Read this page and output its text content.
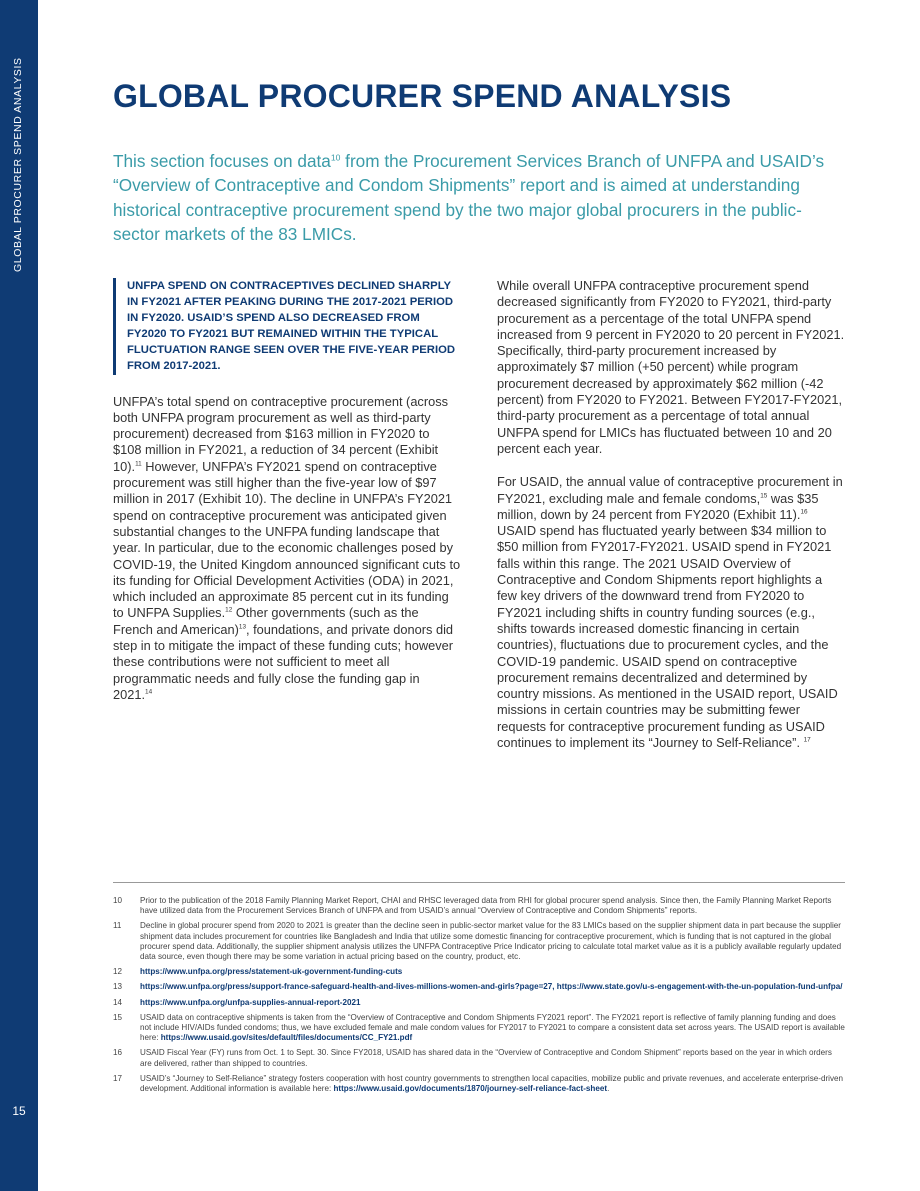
GLOBAL PROCURER SPEND ANALYSIS
15
GLOBAL PROCURER SPEND ANALYSIS

This section focuses on data$^{10}$ from the Procurement Services Branch of UNFPA and USAID’s “Overview of Contraceptive and Condom Shipments” report and is aimed at understanding historical contraceptive procurement spend by the two major global procurers in the public-sector markets of the 83 LMICs.

UNFPA SPEND ON CONTRACEPTIVES DECLINED SHARPLY IN FY2021 AFTER PEAKING DURING THE 2017-2021 PERIOD IN FY2020. USAID’S SPEND ALSO DECREASED FROM FY2020 TO FY2021 BUT REMAINED WITHIN THE TYPICAL FLUCTUATION RANGE SEEN OVER THE FIVE-YEAR PERIOD FROM 2017-2021.

UNFPA’s total spend on contraceptive procurement (across both UNFPA program procurement as well as third-party procurement) decreased from $163 million in FY2020 to $108 million in FY2021, a reduction of 34 percent (Exhibit 10).$^{11}$ However, UNFPA’s FY2021 spend on contraceptive procurement was still higher than the five-year low of $97 million in 2017 (Exhibit 10). The decline in UNFPA’s FY2021 spend on contraceptive procurement was anticipated given substantial changes to the UNFPA funding landscape that year. In particular, due to the economic challenges posed by COVID-19, the United Kingdom announced significant cuts to its funding for Official Development Activities (ODA) in 2021, which included an approximate 85 percent cut in its funding to UNFPA Supplies.$^{12}$ Other governments (such as the French and American)$^{13}$, foundations, and private donors did step in to mitigate the impact of these funding cuts; however these contributions were not sufficient to meet all programmatic needs and fully close the funding gap in 2021.14

While overall UNFPA contraceptive procurement spend decreased significantly from FY2020 to FY2021, third-party procurement as a percentage of the total UNFPA spend increased from 9 percent in FY2020 to 20 percent in FY2021. Specifically, third-party procurement increased by approximately $7 million (+50 percent) while program procurement decreased by approximately $62 million (-42 percent) from FY2020 to FY2021. Between FY2017-FY2021, third-party procurement as a percentage of total annual UNFPA spend for LMICs has fluctuated between 10 and 20 percent each year.

For USAID, the annual value of contraceptive procurement in FY2021, excluding male and female condoms,$^{15}$ was $35 million, down by 24 percent from FY2020 (Exhibit 11).$^{16}$ USAID spend has fluctuated yearly between $34 million to $50 million from FY2017-FY2021. USAID spend in FY2021 falls within this range. The 2021 USAID Overview of Contraceptive and Condom Shipments report highlights a few key drivers of the downward trend from FY2020 to FY2021 including shifts in country funding sources (e.g., shifts towards increased domestic financing in certain countries), fluctuations due to procurement cycles, and the COVID-19 pandemic. USAID spend on contraceptive procurement remains decentralized and determined by country missions. As mentioned in the USAID report, USAID missions in certain countries may be submitting fewer requests for contraceptive procurement funding as USAID continues to implement its “Journey to Self-Reliance”. $^{17}$

10	Prior to the publication of the 2018 Family Planning Market Report, CHAI and RHSC leveraged data from RHI for global procurer spend analysis. Since then, the Family Planning Market Reports have utilized data from the Procurement Services Branch of UNFPA and from USAID’s annual “Overview of Contraceptive and Condom Shipments” reports.
11	Decline in global procurer spend from 2020 to 2021 is greater than the decline seen in public-sector market value for the 83 LMICs based on the supplier shipment data in part because the supplier shipment data includes procurement for countries like Bangladesh and India that utilize some domestic financing for contraceptive procurement, which is funding that is not captured in the global procurer spend data. Additionally, the supplier shipment analysis utilizes the UNFPA Contraceptive Price Indicator pricing to calculate total market value as it is a publicly available regularly updated data source, even though there may be some variation in actual pricing based on the country, product, etc.
12	https://www.unfpa.org/press/statement-uk-government-funding-cuts
13	https://www.unfpa.org/press/support-france-safeguard-health-and-lives-millions-women-and-girls?page=27, https://www.state.gov/u-s-engagement-with-the-un-population-fund-unfpa/
14	https://www.unfpa.org/unfpa-supplies-annual-report-2021
15	USAID data on contraceptive shipments is taken from the “Overview of Contraceptive and Condom Shipments FY2021 report”. The FY2021 report is reflective of family planning funding and does not include HIV/AIDs funded condoms; thus, we have excluded female and male condom values for FY2017 to FY2021 to compare a consistent data set across years. The USAID report is available here: https://www.usaid.gov/sites/default/files/documents/CC_FY21.pdf
16	USAID Fiscal Year (FY) runs from Oct. 1 to Sept. 30. Since FY2018, USAID has shared data in the “Overview of Contraceptive and Condom Shipment” reports based on the year in which orders are delivered, rather than shipped to countries.
17	USAID’s “Journey to Self-Reliance” strategy fosters cooperation with host country governments to strengthen local capacities, mobilize public and private revenues, and accelerate enterprise-driven development. Additional information is available here: https://www.usaid.gov/documents/1870/journey-self-reliance-fact-sheet.
